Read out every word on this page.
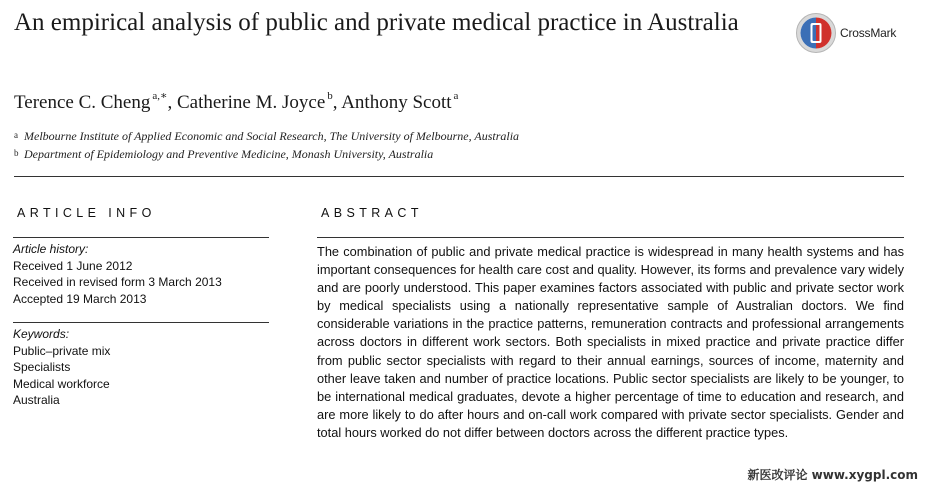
An empirical analysis of public and private medical practice in Australia	CrossMark
Terence C. Cheng $^{a,∗}$, Catherine M. Joyce $^b$, Anthony Scott $^a$
a Melbourne Institute of Applied Economic and Social Research, The University of Melbourne, Australia
b Department of Epidemiology and Preventive Medicine, Monash University, Australia
ARTICLE INFO	ABSTRACT
Article history:
Received 1 June 2012
Received in revised form 3 March 2013
Accepted 19 March 2013
Keywords:
Public–private mix
Specialists
Medical workforce
Australia

The combination of public and private medical practice is widespread in many health systems and has important consequences for health care cost and quality. However, its forms and prevalence vary widely and are poorly understood. This paper examines factors associated with public and private sector work by medical specialists using a nationally representative sample of Australian doctors. We find considerable variations in the practice patterns, remuneration contracts and professional arrangements across doctors in different work sectors. Both specialists in mixed practice and private practice differ from public sector specialists with regard to their annual earnings, sources of income, maternity and other leave taken and number of practice locations. Public sector specialists are likely to be younger, to be international medical graduates, devote a higher percentage of time to education and research, and are more likely to do after hours and on-call work compared with private sector specialists. Gender and total hours worked do not differ between doctors across the different practice types.

新医改评论 www.xygpl.com
